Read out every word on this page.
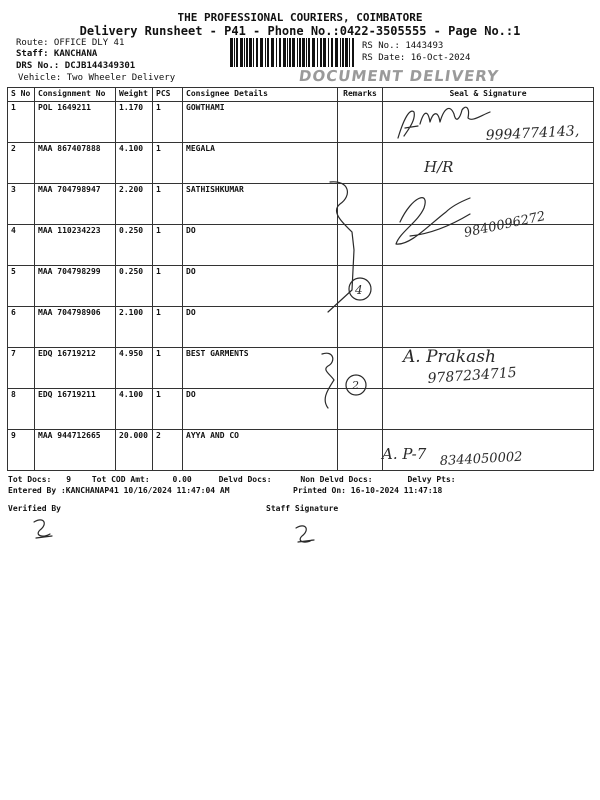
THE PROFESSIONAL COURIERS, COIMBATORE
Delivery Runsheet - P41 - Phone No.:0422-3505555 - Page No.:1
Route: OFFICE DLY 41
Staff: KANCHANA
DRS No.: DCJB144349301
Vehicle: Two Wheeler Delivery
RS No.: 1443493
RS Date: 16-Oct-2024
DOCUMENT DELIVERY
S No	Consignment No	Weight	PCS	Consignee Details	Remarks	Seal & Signature
1	POL 1649211	1.170	1	GOWTHAMI		
2	MAA 867407888	4.100	1	MEGALA		
3	MAA 704798947	2.200	1	SATHISHKUMAR		
4	MAA 110234223	0.250	1	DO		
5	MAA 704798299	0.250	1	DO		
6	MAA 704798906	2.100	1	DO		
7	EDQ 16719212	4.950	1	BEST GARMENTS		
8	EDQ 16719211	4.100	1	DO		
9	MAA 944712665	20.000	2	AYYA AND CO		
Tot Docs: 9	Tot COD Amt:	0.00	Delvd Docs:	Non Delvd Docs:	Delvy Pts:
Entered By :KANCHANAP41 10/16/2024 11:47:04 AM	Printed On: 16-10-2024 11:47:18
Verified By	Staff Signature
9994774143,
H/R
9840096272
4
A. Prakash
9787234715
2
A. P-7 8344050002
